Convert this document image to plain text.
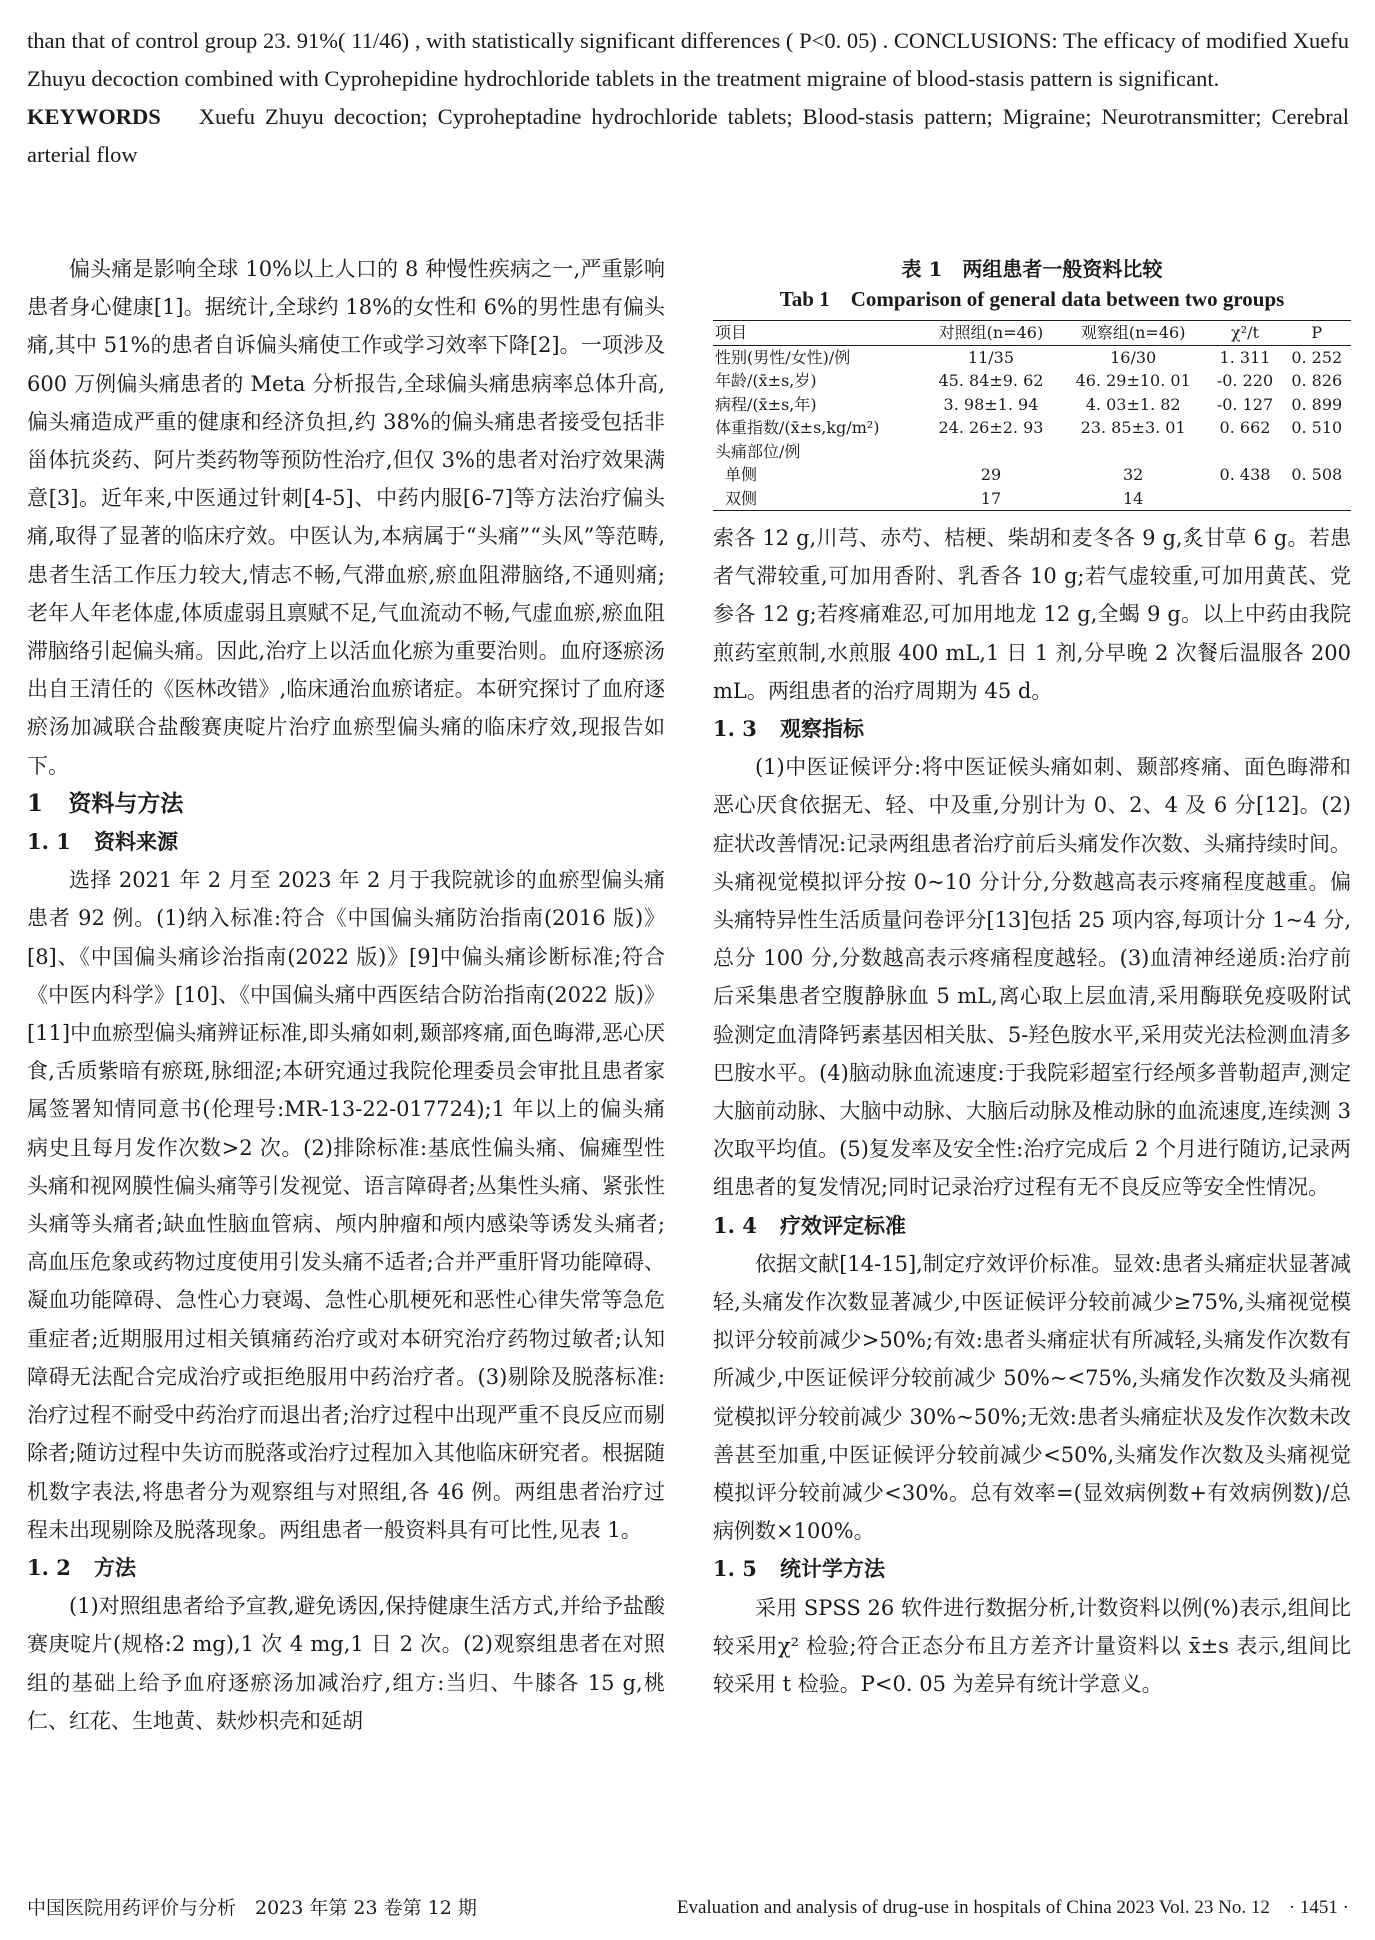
than that of control group 23. 91%( 11/46) , with statistically significant differences ( P<0. 05) . CONCLUSIONS: The efficacy of modified Xuefu Zhuyu decoction combined with Cyprohepidine hydrochloride tablets in the treatment migraine of blood-stasis pattern is significant.

KEYWORDS Xuefu Zhuyu decoction; Cyproheptadine hydrochloride tablets; Blood-stasis pattern; Migraine; Neurotransmitter; Cerebral arterial flow

偏头痛是影响全球 10%以上人口的 8 种慢性疾病之一,严重影响患者身心健康[1]。据统计,全球约 18%的女性和 6%的男性患有偏头痛,其中 51%的患者自诉偏头痛使工作或学习效率下降[2]。一项涉及 600 万例偏头痛患者的 Meta 分析报告,全球偏头痛患病率总体升高,偏头痛造成严重的健康和经济负担,约 38%的偏头痛患者接受包括非甾体抗炎药、阿片类药物等预防性治疗,但仅 3%的患者对治疗效果满意[3]。近年来,中医通过针刺[4-5]、中药内服[6-7]等方法治疗偏头痛,取得了显著的临床疗效。中医认为,本病属于“头痛”“头风”等范畴,患者生活工作压力较大,情志不畅,气滞血瘀,瘀血阻滞脑络,不通则痛;老年人年老体虚,体质虚弱且禀赋不足,气血流动不畅,气虚血瘀,瘀血阻滞脑络引起偏头痛。因此,治疗上以活血化瘀为重要治则。血府逐瘀汤出自王清任的《医林改错》,临床通治血瘀诸症。本研究探讨了血府逐瘀汤加减联合盐酸赛庚啶片治疗血瘀型偏头痛的临床疗效,现报告如下。

1 资料与方法

1. 1 资料来源

选择 2021 年 2 月至 2023 年 2 月于我院就诊的血瘀型偏头痛患者 92 例。(1)纳入标准:符合《中国偏头痛防治指南(2016 版)》[8]、《中国偏头痛诊治指南(2022 版)》[9]中偏头痛诊断标准;符合《中医内科学》[10]、《中国偏头痛中西医结合防治指南(2022 版)》[11]中血瘀型偏头痛辨证标准,即头痛如刺,颞部疼痛,面色晦滞,恶心厌食,舌质紫暗有瘀斑,脉细涩;本研究通过我院伦理委员会审批且患者家属签署知情同意书(伦理号:MR-13-22-017724);1 年以上的偏头痛病史且每月发作次数>2 次。(2)排除标准:基底性偏头痛、偏瘫型性头痛和视网膜性偏头痛等引发视觉、语言障碍者;丛集性头痛、紧张性头痛等头痛者;缺血性脑血管病、颅内肿瘤和颅内感染等诱发头痛者;高血压危象或药物过度使用引发头痛不适者;合并严重肝肾功能障碍、凝血功能障碍、急性心力衰竭、急性心肌梗死和恶性心律失常等急危重症者;近期服用过相关镇痛药治疗或对本研究治疗药物过敏者;认知障碍无法配合完成治疗或拒绝服用中药治疗者。(3)剔除及脱落标准:治疗过程不耐受中药治疗而退出者;治疗过程中出现严重不良反应而剔除者;随访过程中失访而脱落或治疗过程加入其他临床研究者。根据随机数字表法,将患者分为观察组与对照组,各 46 例。两组患者治疗过程未出现剔除及脱落现象。两组患者一般资料具有可比性,见表 1。

1. 2 方法

(1)对照组患者给予宣教,避免诱因,保持健康生活方式,并给予盐酸赛庚啶片(规格:2 mg),1 次 4 mg,1 日 2 次。(2)观察组患者在对照组的基础上给予血府逐瘀汤加减治疗,组方:当归、牛膝各 15 g,桃仁、红花、生地黄、麸炒枳壳和延胡

表 1　两组患者一般资料比较
Tab 1　Comparison of general data between two groups
项目	对照组(n=46)	观察组(n=46)	χ²/t	P
性别(男性/女性)/例	11/35	16/30	1. 311	0. 252
年龄/(x̄±s,岁)	45. 84±9. 62	46. 29±10. 01	-0. 220	0. 826
病程/(x̄±s,年)	3. 98±1. 94	4. 03±1. 82	-0. 127	0. 899
体重指数/(x̄±s,kg/m²)	24. 26±2. 93	23. 85±3. 01	0. 662	0. 510
头痛部位/例				
单侧	29	32	0. 438	0. 508
双侧	17	14		

索各 12 g,川芎、赤芍、桔梗、柴胡和麦冬各 9 g,炙甘草 6 g。若患者气滞较重,可加用香附、乳香各 10 g;若气虚较重,可加用黄芪、党参各 12 g;若疼痛难忍,可加用地龙 12 g,全蝎 9 g。以上中药由我院煎药室煎制,水煎服 400 mL,1 日 1 剂,分早晚 2 次餐后温服各 200 mL。两组患者的治疗周期为 45 d。

1. 3 观察指标

(1)中医证候评分:将中医证候头痛如刺、颞部疼痛、面色晦滞和恶心厌食依据无、轻、中及重,分别计为 0、2、4 及 6 分[12]。(2)症状改善情况:记录两组患者治疗前后头痛发作次数、头痛持续时间。头痛视觉模拟评分按 0~10 分计分,分数越高表示疼痛程度越重。偏头痛特异性生活质量问卷评分[13]包括 25 项内容,每项计分 1~4 分,总分 100 分,分数越高表示疼痛程度越轻。(3)血清神经递质:治疗前后采集患者空腹静脉血 5 mL,离心取上层血清,采用酶联免疫吸附试验测定血清降钙素基因相关肽、5-羟色胺水平,采用荧光法检测血清多巴胺水平。(4)脑动脉血流速度:于我院彩超室行经颅多普勒超声,测定大脑前动脉、大脑中动脉、大脑后动脉及椎动脉的血流速度,连续测 3 次取平均值。(5)复发率及安全性:治疗完成后 2 个月进行随访,记录两组患者的复发情况;同时记录治疗过程有无不良反应等安全性情况。

1. 4 疗效评定标准

依据文献[14-15],制定疗效评价标准。显效:患者头痛症状显著减轻,头痛发作次数显著减少,中医证候评分较前减少≥75%,头痛视觉模拟评分较前减少>50%;有效:患者头痛症状有所减轻,头痛发作次数有所减少,中医证候评分较前减少 50%~<75%,头痛发作次数及头痛视觉模拟评分较前减少 30%~50%;无效:患者头痛症状及发作次数未改善甚至加重,中医证候评分较前减少<50%,头痛发作次数及头痛视觉模拟评分较前减少<30%。总有效率=(显效病例数+有效病例数)/总病例数×100%。

1. 5 统计学方法

采用 SPSS 26 软件进行数据分析,计数资料以例(%)表示,组间比较采用χ² 检验;符合正态分布且方差齐计量资料以 x̄±s 表示,组间比较采用 t 检验。P<0. 05 为差异有统计学意义。

中国医院用药评价与分析　2023 年第 23 卷第 12 期	Evaluation and analysis of drug-use in hospitals of China 2023 Vol. 23 No. 12　· 1451 ·
